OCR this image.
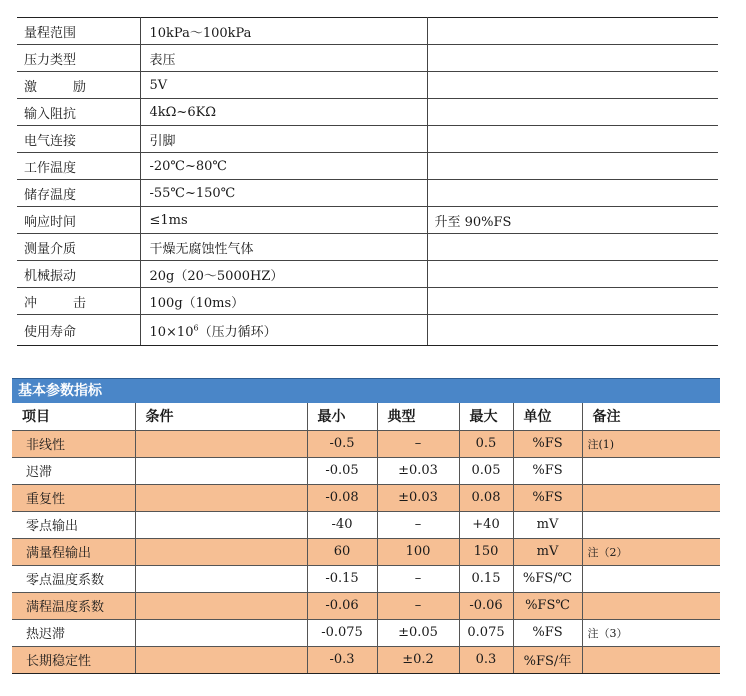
量程范围	10kPa～100kPa	
压力类型	表压	

激 励	5V	
输入阻抗	4kΩ~6KΩ	
电气连接	引脚	
工作温度	-20℃~80℃	
储存温度	-55℃~150℃	
响应时间	≤1ms	升至 90%FS
测量介质	干燥无腐蚀性气体	
机械振动	20g（20～5000HZ）	

冲 击	100g（10ms）	
使用寿命	$10\times 10^6$（压力循环）	
基本参数指标
项目	条件	最小	典型	最大	单位	备注
非线性		-0.5	–	0.5	%FS	注(1)
迟滞		-0.05	±0.03	0.05	%FS	
重复性		-0.08	±0.03	0.08	%FS	
零点输出		-40	–	+40	mV	
满量程输出		60	100	150	mV	注（2）
零点温度系数		-0.15	–	0.15	%FS/℃	
满程温度系数		-0.06	–	-0.06	%FS℃	
热迟滞		-0.075	±0.05	0.075	%FS	注（3）
长期稳定性		-0.3	±0.2	0.3	%FS/年	
